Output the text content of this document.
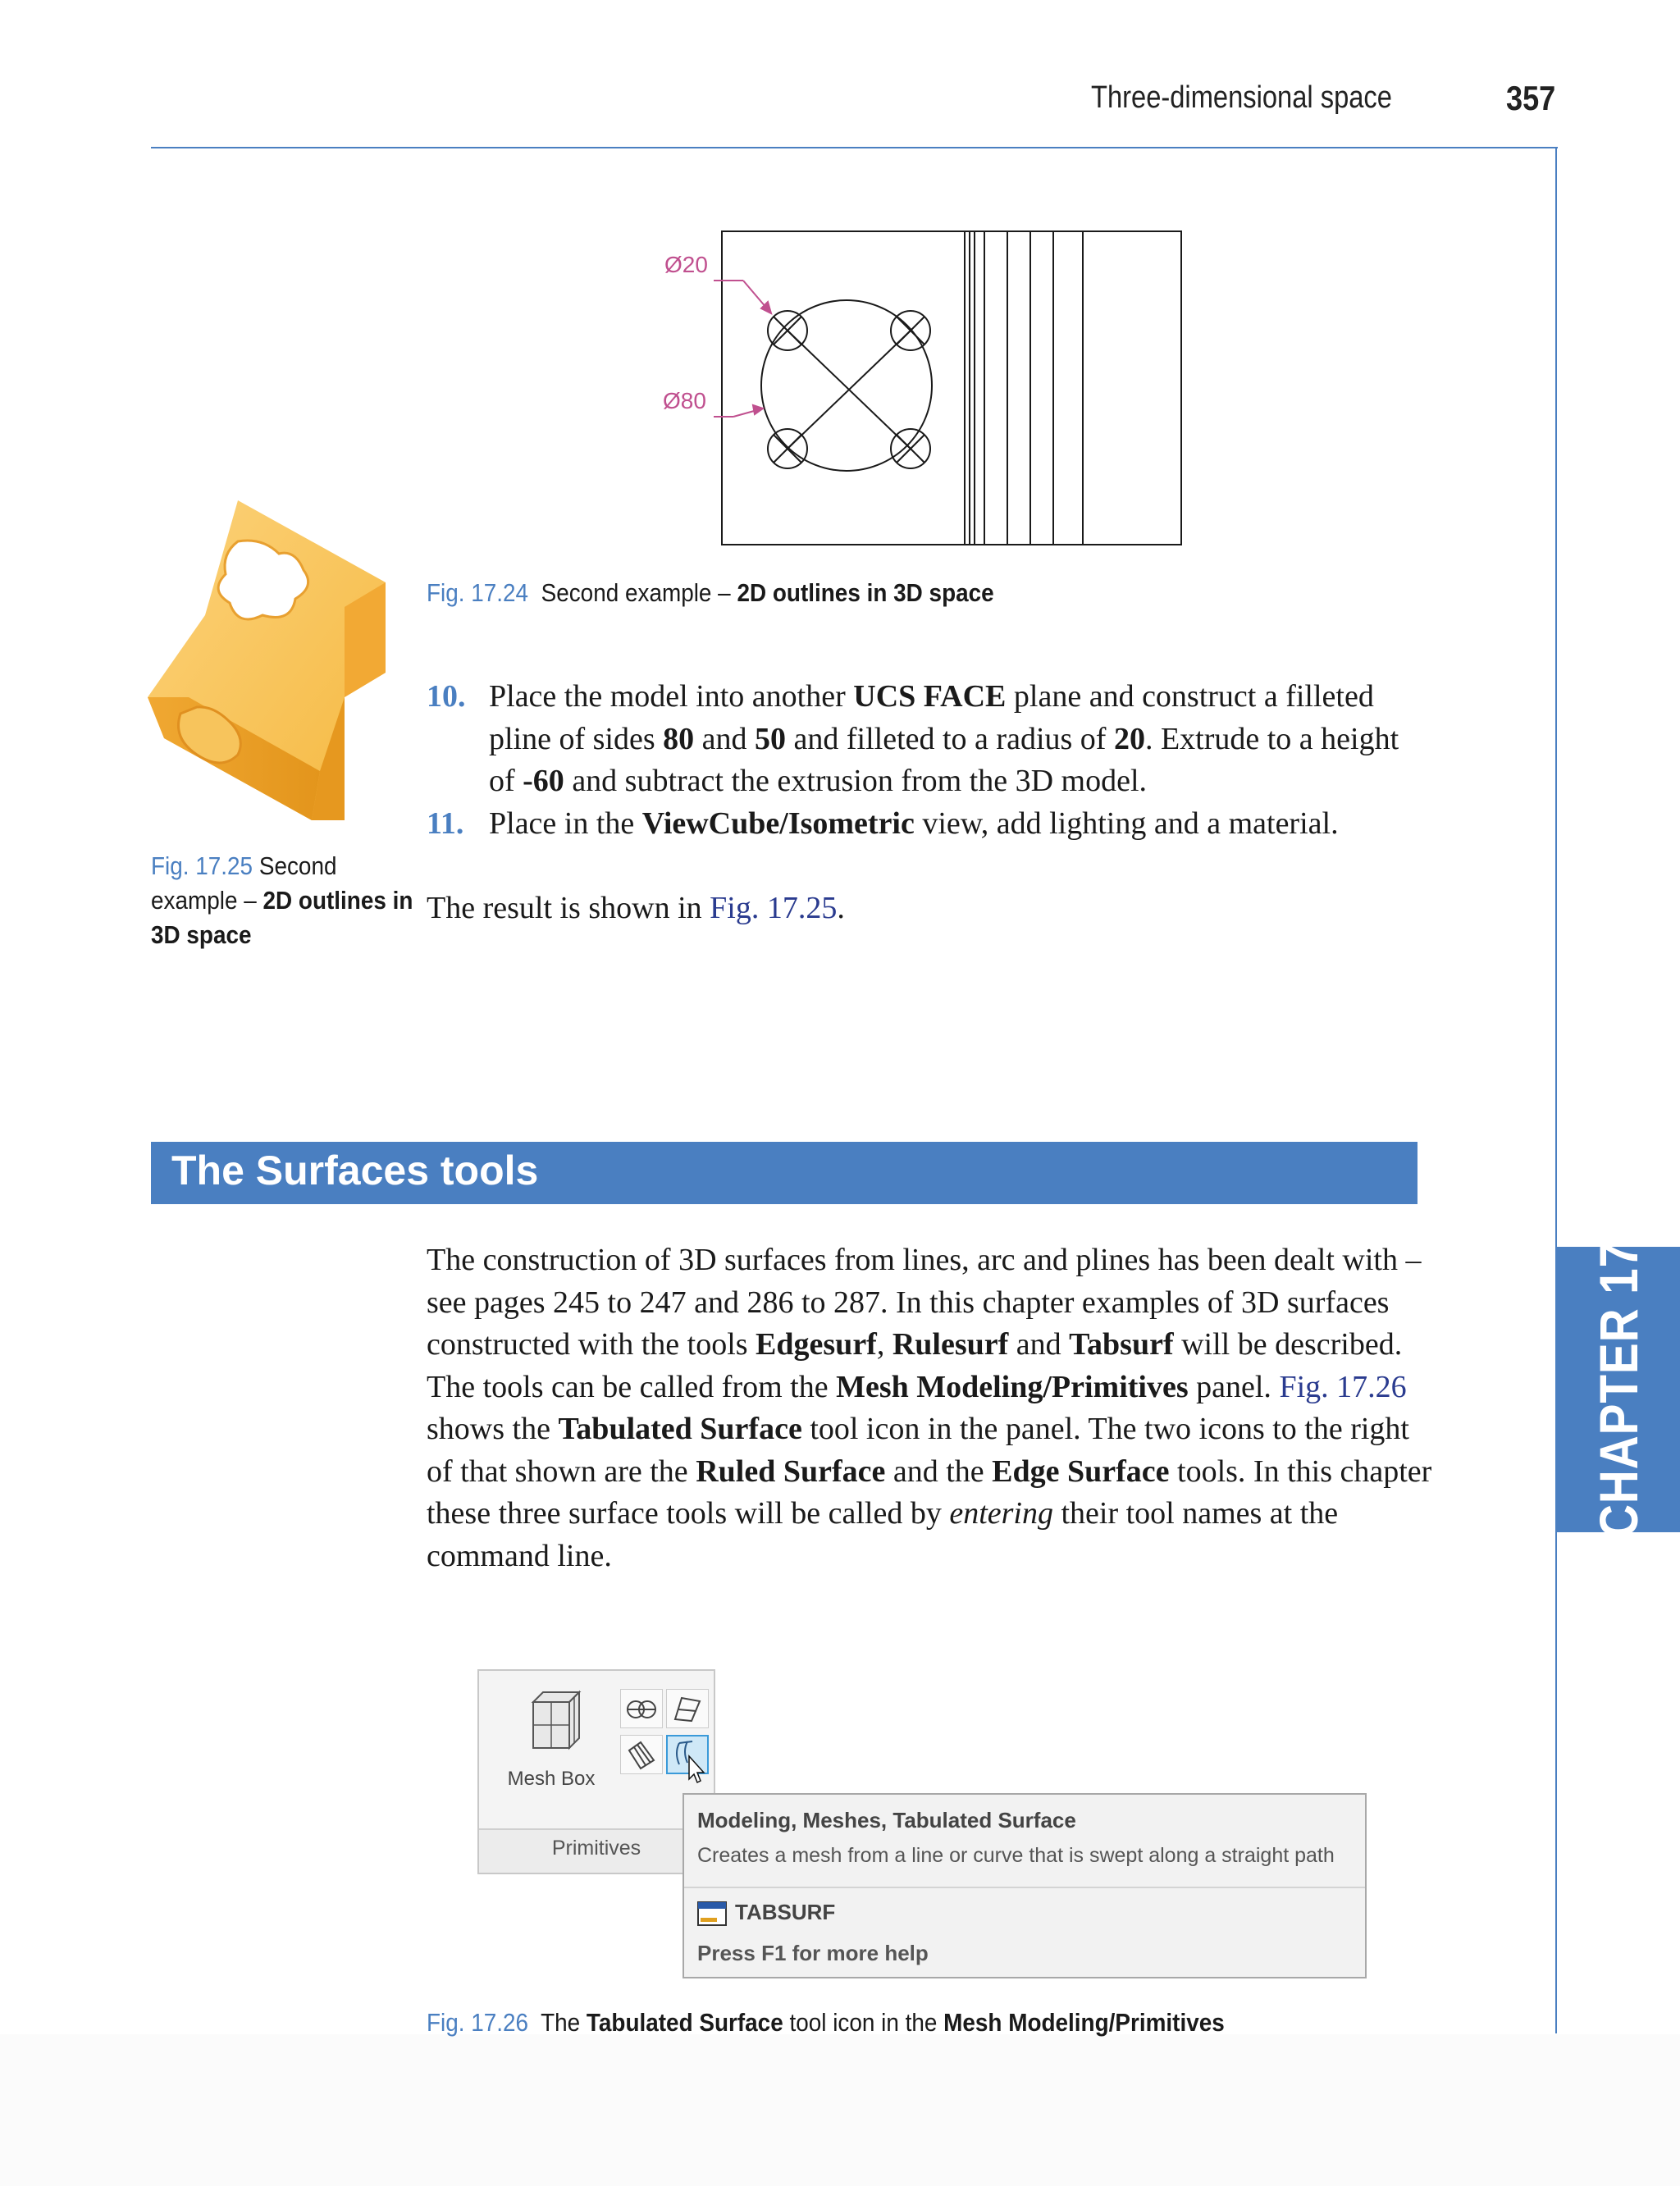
Three-dimensional space	357
Ø20
Ø80
Fig. 17.24 Second example – 2D outlines in 3D space
Fig. 17.25 Second example – 2D outlines in 3D space
10. Place the model into another UCS FACE plane and construct a filleted pline of sides 80 and 50 and filleted to a radius of 20. Extrude to a height of -60 and subtract the extrusion from the 3D model.
11. Place in the ViewCube/Isometric view, add lighting and a material.
The result is shown in Fig. 17.25.
The Surfaces tools
The construction of 3D surfaces from lines, arc and plines has been dealt with – see pages 245 to 247 and 286 to 287. In this chapter examples of 3D surfaces constructed with the tools Edgesurf, Rulesurf and Tabsurf will be described. The tools can be called from the Mesh Modeling/Primitives panel. Fig. 17.26 shows the Tabulated Surface tool icon in the panel. The two icons to the right of that shown are the Ruled Surface and the Edge Surface tools. In this chapter these three surface tools will be called by entering their tool names at the command line.
CHAPTER 17
Mesh Box
Primitives
Modeling, Meshes, Tabulated Surface
Creates a mesh from a line or curve that is swept along a straight path
TABSURF
Press F1 for more help
Fig. 17.26 The Tabulated Surface tool icon in the Mesh Modeling/Primitives
